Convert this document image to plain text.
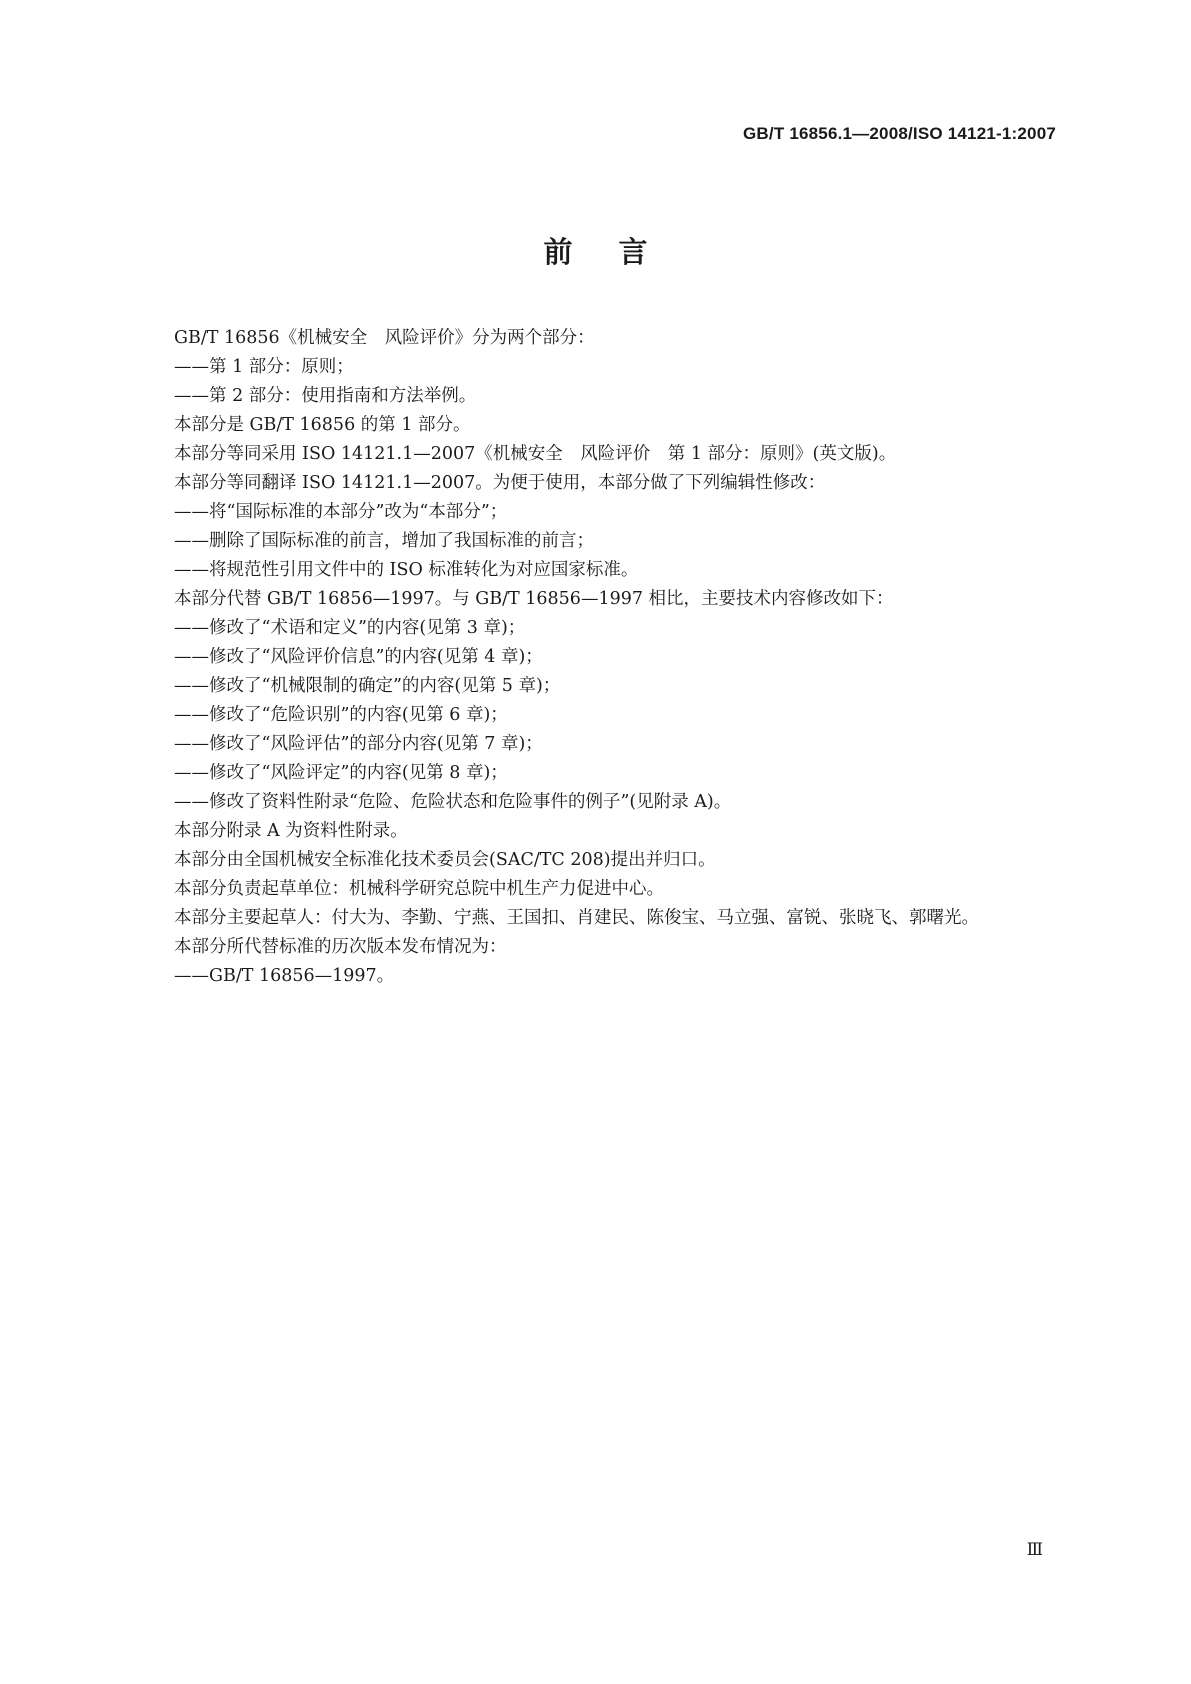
GB/T 16856.1—2008/ISO 14121-1:2007
前言
GB/T 16856《机械安全　风险评价》分为两个部分：
——第 1 部分：原则；
——第 2 部分：使用指南和方法举例。
本部分是 GB/T 16856 的第 1 部分。
本部分等同采用 ISO 14121.1—2007《机械安全　风险评价　第 1 部分：原则》(英文版)。
本部分等同翻译 ISO 14121.1—2007。为便于使用，本部分做了下列编辑性修改：
——将“国际标准的本部分”改为“本部分”；
——删除了国际标准的前言，增加了我国标准的前言；
——将规范性引用文件中的 ISO 标准转化为对应国家标准。
本部分代替 GB/T 16856—1997。与 GB/T 16856—1997 相比，主要技术内容修改如下：
——修改了“术语和定义”的内容(见第 3 章)；
——修改了“风险评价信息”的内容(见第 4 章)；
——修改了“机械限制的确定”的内容(见第 5 章)；
——修改了“危险识别”的内容(见第 6 章)；
——修改了“风险评估”的部分内容(见第 7 章)；
——修改了“风险评定”的内容(见第 8 章)；
——修改了资料性附录“危险、危险状态和危险事件的例子”(见附录 A)。
本部分附录 A 为资料性附录。
本部分由全国机械安全标准化技术委员会(SAC/TC 208)提出并归口。
本部分负责起草单位：机械科学研究总院中机生产力促进中心。
本部分主要起草人：付大为、李勤、宁燕、王国扣、肖建民、陈俊宝、马立强、富锐、张晓飞、郭曙光。
本部分所代替标准的历次版本发布情况为：
——GB/T 16856—1997。
Ⅲ
